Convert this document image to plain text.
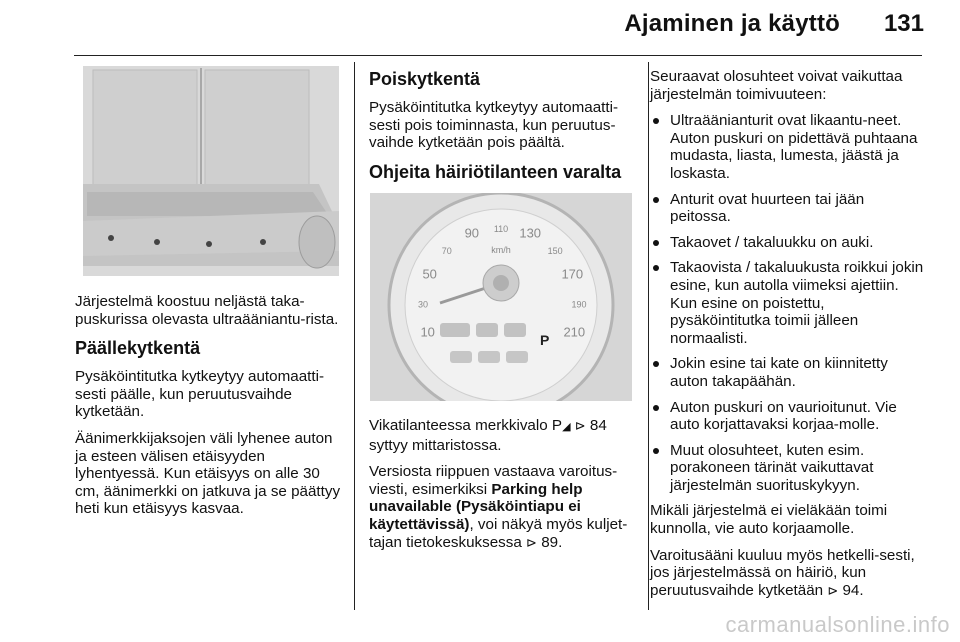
Ajaminen ja käyttö 131

Järjestelmä koostuu neljästä taka-puskurissa olevasta ultraääniantu-rista.

Päällekytkentä

Pysäköintitutka kytkeytyy automaatti-sesti päälle, kun peruutusvaihde kytketään.

Äänimerkkijaksojen väli lyhenee auton ja esteen välisen etäisyyden lyhentyessä. Kun etäisyys on alle 30 cm, äänimerkki on jatkuva ja se päättyy heti kun etäisyys kasvaa.

Poiskytkentä

Pysäköintitutka kytkeytyy automaatti-sesti pois toiminnasta, kun peruutus-vaihde kytketään pois päältä.

Ohjeita häiriötilanteen varalta
10
30
50
70
90 110 130
150
170
190
210
km/h
P

Vikatilanteessa merkkivalo P◢ ⊳ 84 syttyy mittaristossa.

Versiosta riippuen vastaava varoitus-viesti, esimerkiksi Parking help unavailable (Pysäköintiapu ei käytettävissä), voi näkyä myös kuljet-tajan tietokeskuksessa ⊳ 89.

Seuraavat olosuhteet voivat vaikuttaa järjestelmän toimivuuteen:

Ultraäänianturit ovat likaantu-neet. Auton puskuri on pidettävä puhtaana mudasta, liasta, lumesta, jäästä ja loskasta.
Anturit ovat huurteen tai jään peitossa.
Takaovet / takaluukku on auki.
Takaovista / takaluukusta roikkui jokin esine, kun autolla viimeksi ajettiin. Kun esine on poistettu, pysäköintitutka toimii jälleen normaalisti.
Jokin esine tai kate on kiinnitetty auton takapäähän.
Auton puskuri on vaurioitunut. Vie auto korjattavaksi korjaa-molle.
Muut olosuhteet, kuten esim. porakoneen tärinät vaikuttavat järjestelmän suorituskykyyn.

Mikäli järjestelmä ei vieläkään toimi kunnolla, vie auto korjaamolle.

Varoitusääni kuuluu myös hetkelli-sesti, jos järjestelmässä on häiriö, kun peruutusvaihde kytketään ⊳ 94.

carmanualsonline.info
